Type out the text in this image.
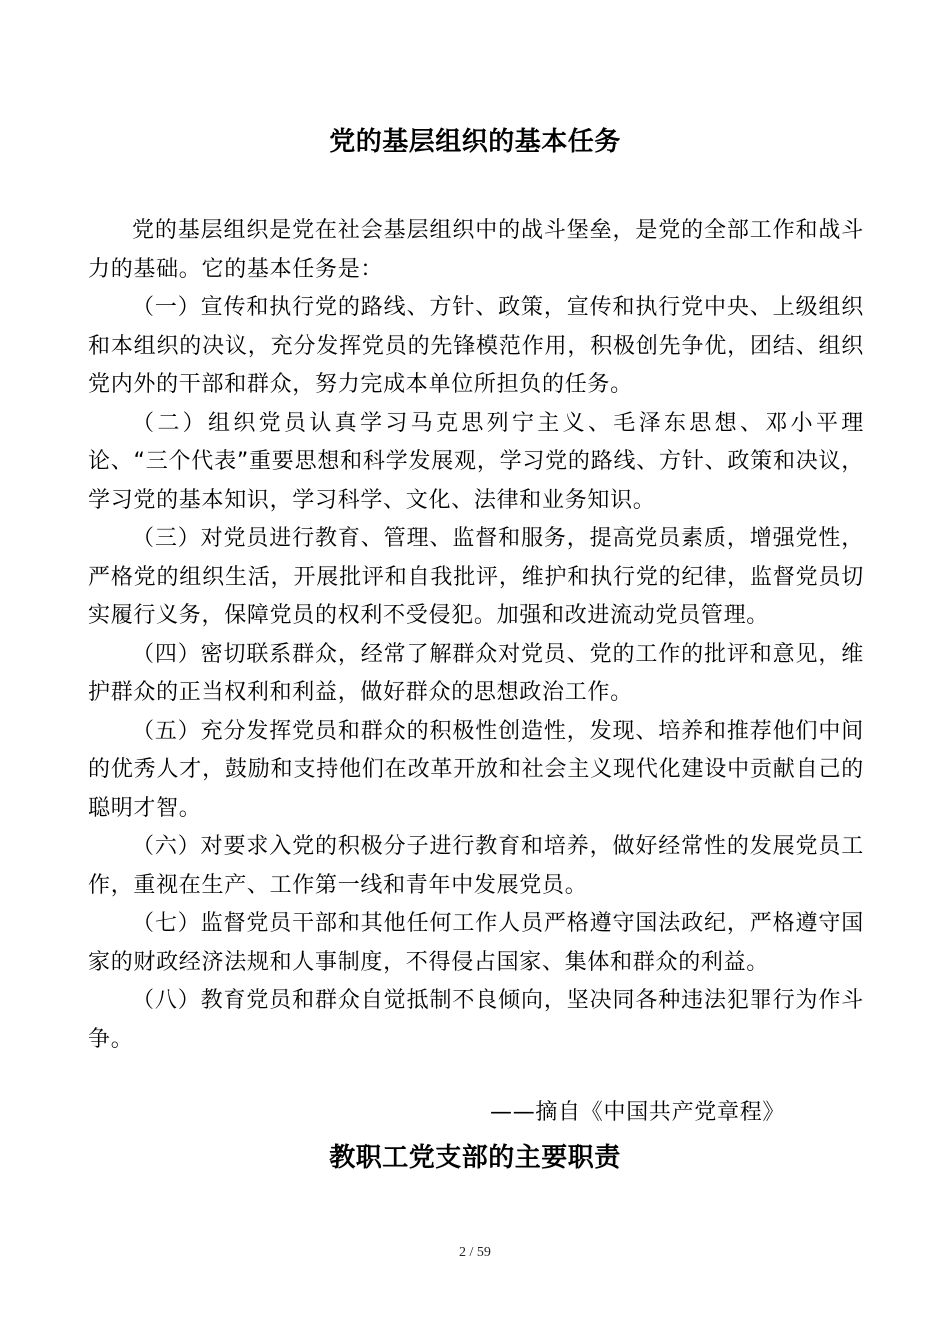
党的基层组织的基本任务

党的基层组织是党在社会基层组织中的战斗堡垒，是党的全部工作和战斗力的基础。它的基本任务是：

（一）宣传和执行党的路线、方针、政策，宣传和执行党中央、上级组织和本组织的决议，充分发挥党员的先锋模范作用，积极创先争优，团结、组织党内外的干部和群众，努力完成本单位所担负的任务。

（二）组织党员认真学习马克思列宁主义、毛泽东思想、邓小平理论、“三个代表”重要思想和科学发展观，学习党的路线、方针、政策和决议，学习党的基本知识，学习科学、文化、法律和业务知识。

（三）对党员进行教育、管理、监督和服务，提高党员素质，增强党性，严格党的组织生活，开展批评和自我批评，维护和执行党的纪律，监督党员切实履行义务，保障党员的权利不受侵犯。加强和改进流动党员管理。

（四）密切联系群众，经常了解群众对党员、党的工作的批评和意见，维护群众的正当权利和利益，做好群众的思想政治工作。

（五）充分发挥党员和群众的积极性创造性，发现、培养和推荐他们中间的优秀人才，鼓励和支持他们在改革开放和社会主义现代化建设中贡献自己的聪明才智。

（六）对要求入党的积极分子进行教育和培养，做好经常性的发展党员工作，重视在生产、工作第一线和青年中发展党员。

（七）监督党员干部和其他任何工作人员严格遵守国法政纪，严格遵守国家的财政经济法规和人事制度，不得侵占国家、集体和群众的利益。

（八）教育党员和群众自觉抵制不良倾向，坚决同各种违法犯罪行为作斗争。

——摘自《中国共产党章程》
教职工党支部的主要职责
2 / 59
